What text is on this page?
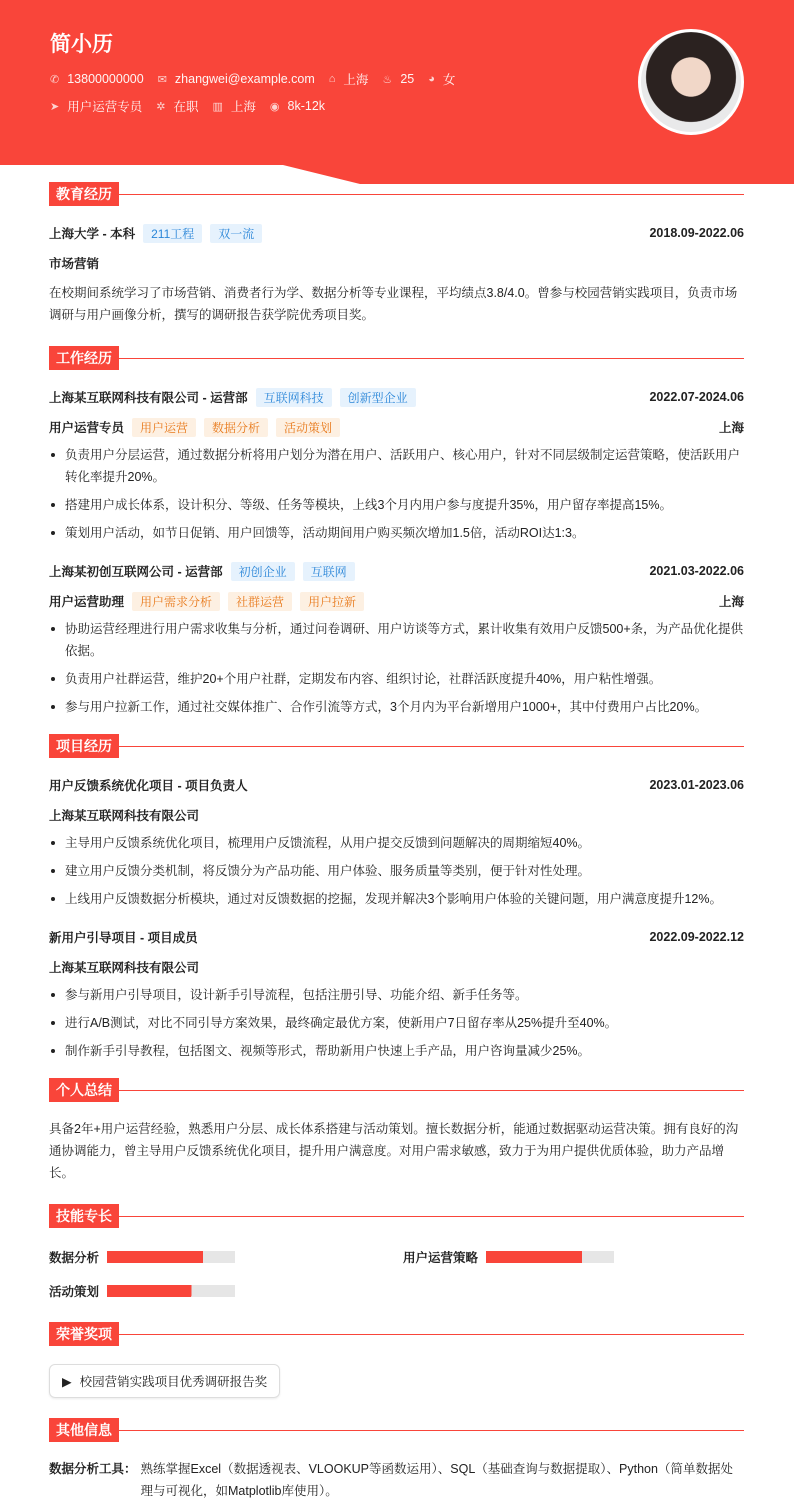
简小历
✆ 13800000000 ✉ zhangwei@example.com ⌂ 上海 ♨ 25 ◕ 女
➤ 用户运营专员 ✲ 在职 ▥ 上海 ◉ 8k-12k
教育经历
上海大学 - 本科	211工程	双一流	2018.09-2022.06
市场营销

在校期间系统学习了市场营销、消费者行为学、数据分析等专业课程，平均绩点3.8/4.0。曾参与校园营销实践项目，负责市场调研与用户画像分析，撰写的调研报告获学院优秀项目奖。

工作经历
上海某互联网科技有限公司 - 运营部	互联网科技	创新型企业	2022.07-2024.06
用户运营专员	用户运营	数据分析	活动策划	上海
负责用户分层运营，通过数据分析将用户划分为潜在用户、活跃用户、核心用户，针对不同层级制定运营策略，使活跃用户转化率提升20%。
搭建用户成长体系，设计积分、等级、任务等模块，上线3个月内用户参与度提升35%，用户留存率提高15%。
策划用户活动，如节日促销、用户回馈等，活动期间用户购买频次增加1.5倍，活动ROI达1:3。
上海某初创互联网公司 - 运营部	初创企业	互联网	2021.03-2022.06
用户运营助理	用户需求分析	社群运营	用户拉新	上海
协助运营经理进行用户需求收集与分析，通过问卷调研、用户访谈等方式，累计收集有效用户反馈500+条，为产品优化提供依据。
负责用户社群运营，维护20+个用户社群，定期发布内容、组织讨论，社群活跃度提升40%，用户粘性增强。
参与用户拉新工作，通过社交媒体推广、合作引流等方式，3个月内为平台新增用户1000+，其中付费用户占比20%。
项目经历
用户反馈系统优化项目 - 项目负责人	2023.01-2023.06
上海某互联网科技有限公司
主导用户反馈系统优化项目，梳理用户反馈流程，从用户提交反馈到问题解决的周期缩短40%。
建立用户反馈分类机制，将反馈分为产品功能、用户体验、服务质量等类别，便于针对性处理。
上线用户反馈数据分析模块，通过对反馈数据的挖掘，发现并解决3个影响用户体验的关键问题，用户满意度提升12%。
新用户引导项目 - 项目成员	2022.09-2022.12
上海某互联网科技有限公司
参与新用户引导项目，设计新手引导流程，包括注册引导、功能介绍、新手任务等。
进行A/B测试，对比不同引导方案效果，最终确定最优方案，使新用户7日留存率从25%提升至40%。
制作新手引导教程，包括图文、视频等形式，帮助新用户快速上手产品，用户咨询量减少25%。
个人总结

具备2年+用户运营经验，熟悉用户分层、成长体系搭建与活动策划。擅长数据分析，能通过数据驱动运营决策。拥有良好的沟通协调能力，曾主导用户反馈系统优化项目，提升用户满意度。对用户需求敏感，致力于为用户提供优质体验，助力产品增长。

技能专长
数据分析	用户运营策略
活动策划
荣誉奖项
▶ 校园营销实践项目优秀调研报告奖
其他信息
数据分析工具： 熟练掌握Excel（数据透视表、VLOOKUP等函数运用）、SQL（基础查询与数据提取）、Python（简单数据处理与可视化，如Matplotlib库使用）。
